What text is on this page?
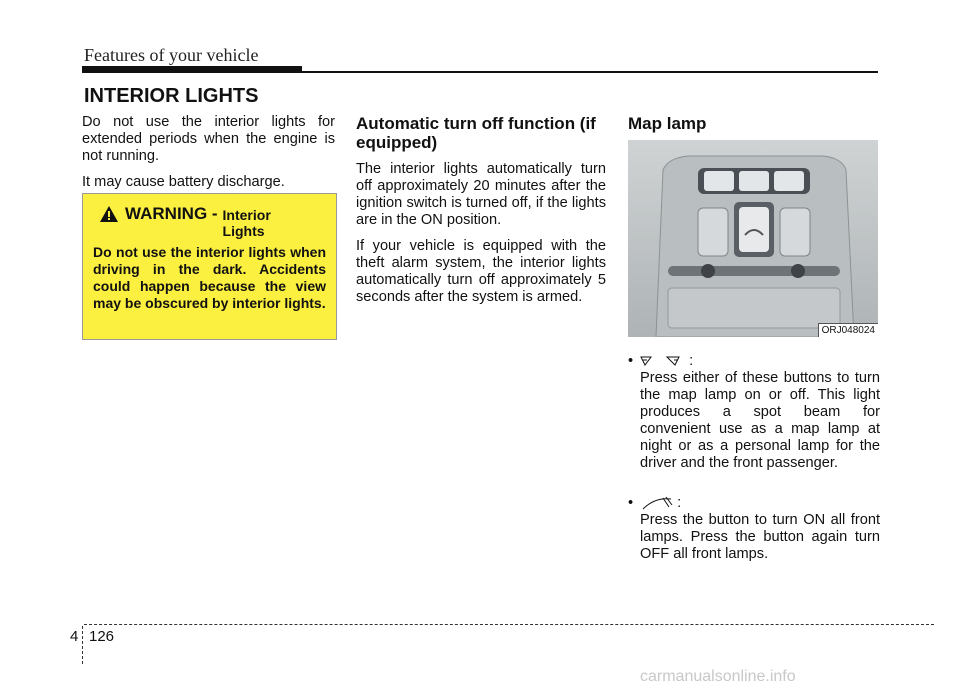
Features of your vehicle
INTERIOR LIGHTS

Do not use the interior lights for extended periods when the engine is not running.

It may cause battery discharge.

WARNING - Interior Lights
Do not use the interior lights when driving in the dark. Accidents could happen because the view may be obscured by interior lights.
Automatic turn off function (if equipped)

The interior lights automatically turn off approximately 20 minutes after the ignition switch is turned off, if the lights are in the ON position.

If your vehicle is equipped with the theft alarm system, the interior lights automatically turn off approximately 5 seconds after the system is armed.

Map lamp
ORJ048024
•	:
Press either of these buttons to turn the map lamp on or off. This light produces a spot beam for convenient use as a map lamp at night or as a personal lamp for the driver and the front passenger.
•	:
Press the button to turn ON all front lamps. Press the button again turn OFF all front lamps.
4 126
carmanualsonline.info
